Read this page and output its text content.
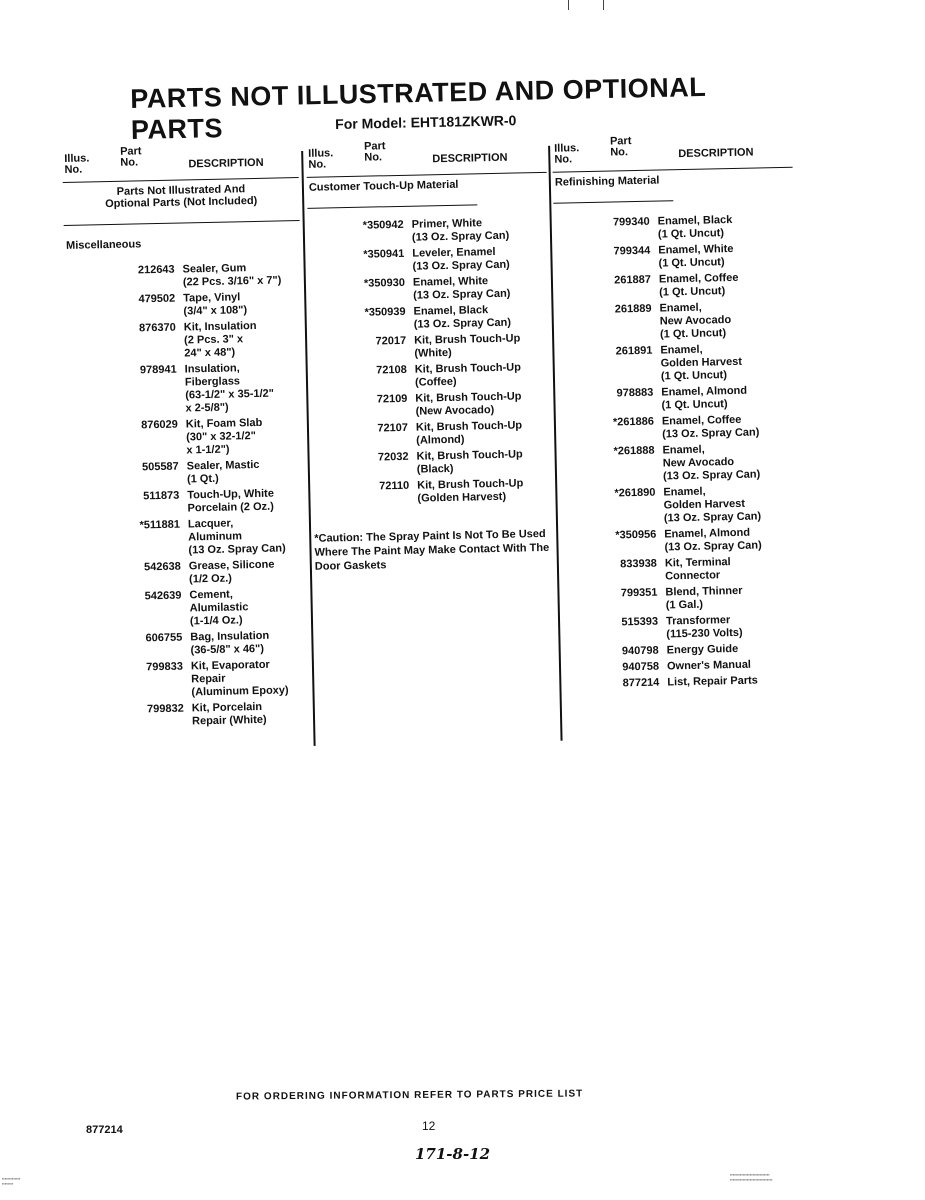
PARTS NOT ILLUSTRATED AND OPTIONAL PARTS	For Model: EHT181ZKWR-0
Illus.
No.
Part
No.	DESCRIPTION
Parts Not Illustrated And
Optional Parts (Not Included)
Miscellaneous
212643 Sealer, Gum
(22 Pcs. 3/16" x 7")
479502 Tape, Vinyl
(3/4" x 108")
876370 Kit, Insulation
(2 Pcs. 3" x
24" x 48")
978941 Insulation,
Fiberglass
(63-1/2" x 35-1/2"
x 2-5/8")
876029 Kit, Foam Slab
(30" x 32-1/2"
x 1-1/2")
505587 Sealer, Mastic
(1 Qt.)
511873 Touch-Up, White
Porcelain (2 Oz.)
*511881 Lacquer,
Aluminum
(13 Oz. Spray Can)
542638 Grease, Silicone
(1/2 Oz.)
542639 Cement,
Alumilastic
(1-1/4 Oz.)
606755 Bag, Insulation
(36-5/8" x 46")
799833 Kit, Evaporator
Repair
(Aluminum Epoxy)
799832 Kit, Porcelain
Repair (White)
Illus.
No.
Part
No.	DESCRIPTION
Customer Touch-Up Material
*350942 Primer, White
(13 Oz. Spray Can)
*350941 Leveler, Enamel
(13 Oz. Spray Can)
*350930 Enamel, White
(13 Oz. Spray Can)
*350939 Enamel, Black
(13 Oz. Spray Can)
72017 Kit, Brush Touch-Up
(White)
72108 Kit, Brush Touch-Up
(Coffee)
72109 Kit, Brush Touch-Up
(New Avocado)
72107 Kit, Brush Touch-Up
(Almond)
72032 Kit, Brush Touch-Up
(Black)
72110 Kit, Brush Touch-Up
(Golden Harvest)
*Caution: The Spray Paint Is Not To Be Used Where The Paint May Make Contact With The Door Gaskets
Illus.
No.
Part
No.	DESCRIPTION
Refinishing Material
799340 Enamel, Black
(1 Qt. Uncut)
799344 Enamel, White
(1 Qt. Uncut)
261887 Enamel, Coffee
(1 Qt. Uncut)
261889 Enamel,
New Avocado
(1 Qt. Uncut)
261891 Enamel,
Golden Harvest
(1 Qt. Uncut)
978883 Enamel, Almond
(1 Qt. Uncut)
*261886 Enamel, Coffee
(13 Oz. Spray Can)
*261888 Enamel,
New Avocado
(13 Oz. Spray Can)
*261890 Enamel,
Golden Harvest
(13 Oz. Spray Can)
*350956 Enamel, Almond
(13 Oz. Spray Can)
833938 Kit, Terminal
Connector
799351 Blend, Thinner
(1 Gal.)
515393 Transformer
(115-230 Volts)
940798 Energy Guide
940758 Owner's Manual
877214 List, Repair Parts
FOR ORDERING INFORMATION REFER TO PARTS PRICE LIST
877214	12
171-8-12
▪▪▪▪▪▪▪▪▪▪▪▪▪
▪▪▪▪▪▪▪▪
▪▪▪▪▪▪▪▪▪▪▪▪▪▪▪▪▪▪▪▪▪▪▪▪▪▪▪▪
▪▪▪▪▪▪▪▪▪▪▪▪▪▪▪▪▪▪▪▪▪▪▪▪▪▪▪▪▪▪
